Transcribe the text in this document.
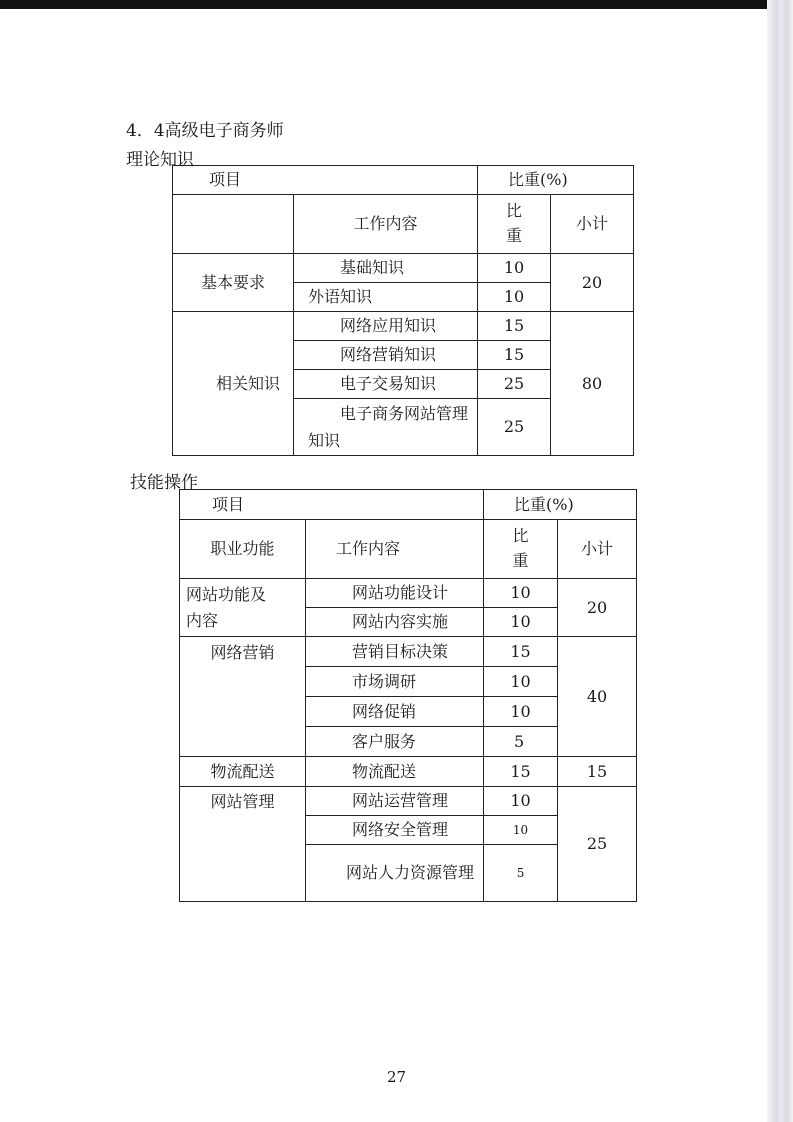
4．4高级电子商务师
理论知识
项目		比重(%)	
	工作内容	比重	小计
基本要求	基础知识	10	20
	外语知识	10	
相关知识	网络应用知识	15	80
	网络营销知识	15	
	电子交易知识	25	
	电子商务网站管理知识	25	
技能操作
项目		比重(%)	
职业功能	工作内容	比重	小计
网站功能及内容	网站功能设计	10	20
	网站内容实施	10	
网络营销	营销目标决策	15	40
	市场调研	10	
	网络促销	10	
	客户服务	5	
物流配送	物流配送	15	15
网站管理	网站运营管理	10	25
	网络安全管理	10	
	网站人力资源管理	5	
27
